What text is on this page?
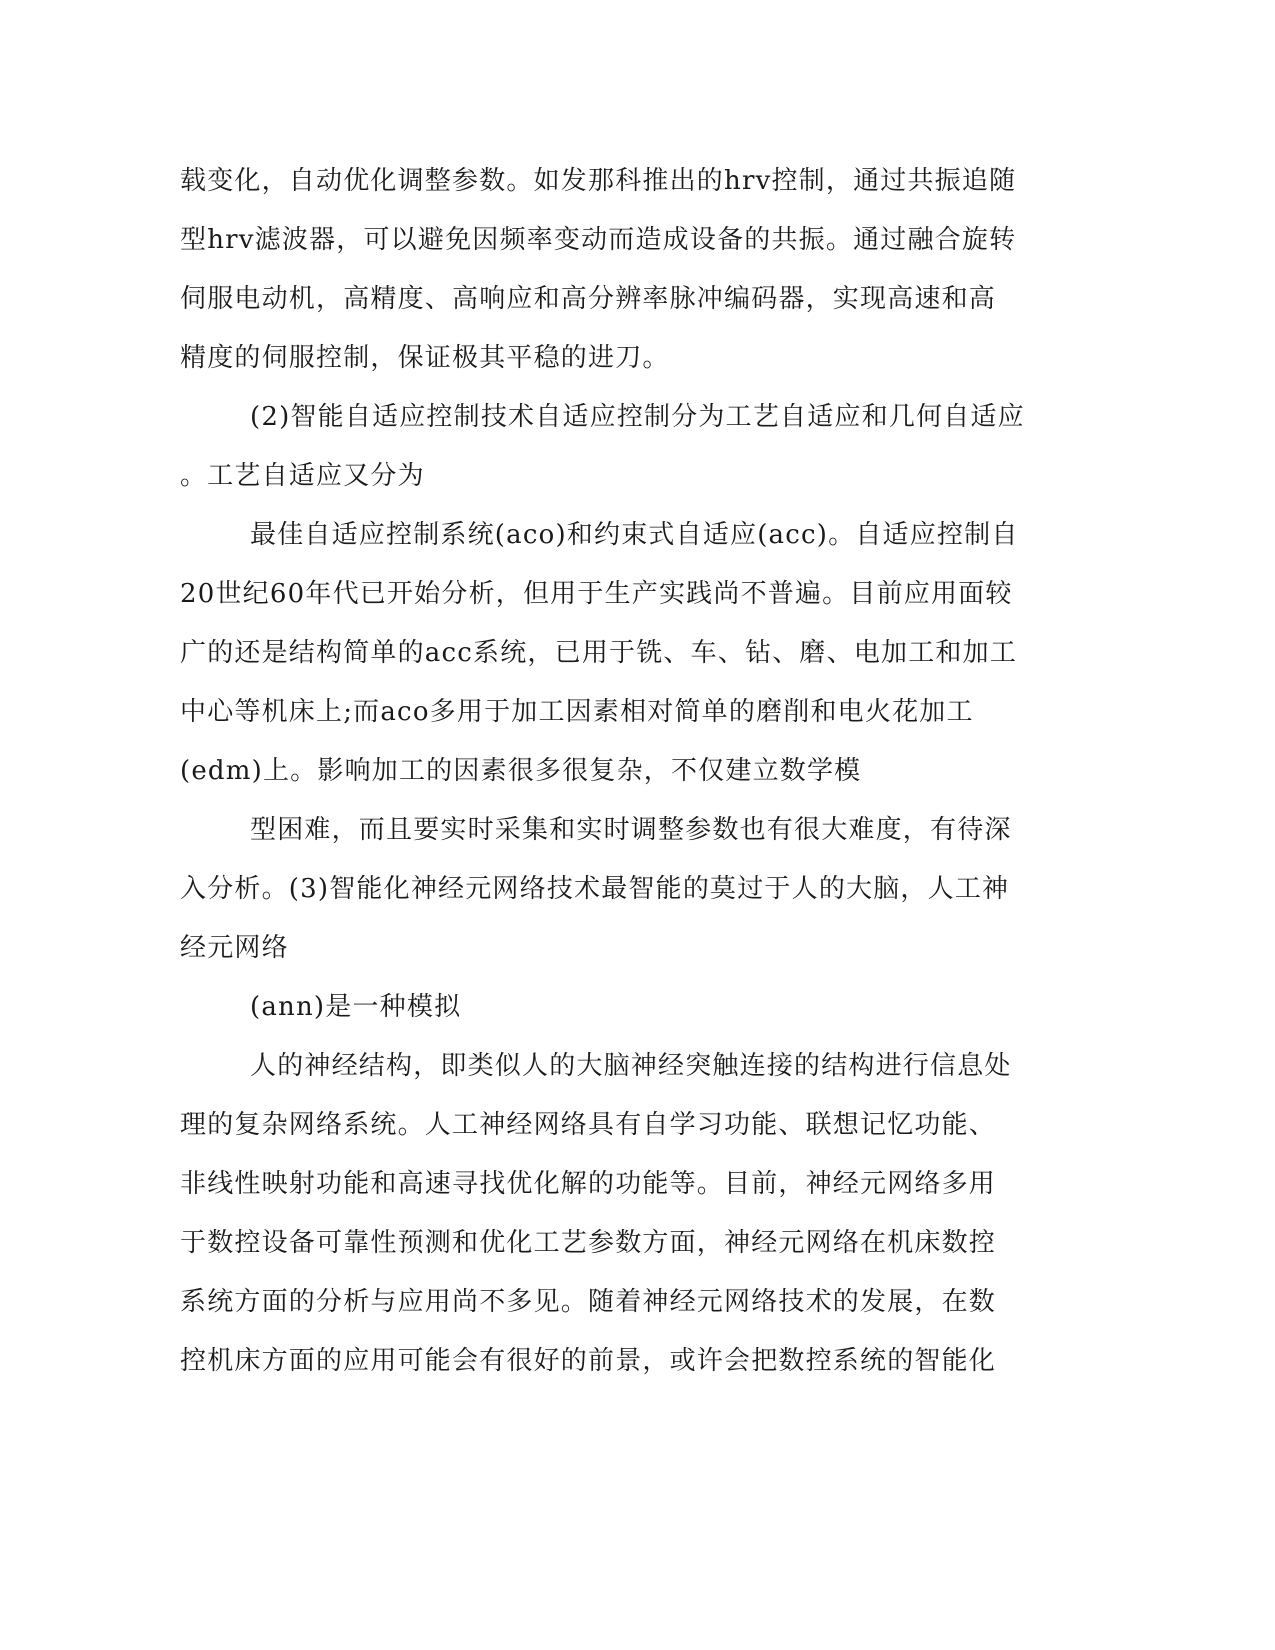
载变化，自动优化调整参数。如发那科推出的hrv控制，通过共振追随
型hrv滤波器，可以避免因频率变动而造成设备的共振。通过融合旋转
伺服电动机，高精度、高响应和高分辨率脉冲编码器，实现高速和高
精度的伺服控制，保证极其平稳的进刀。
(2)智能自适应控制技术自适应控制分为工艺自适应和几何自适应
。工艺自适应又分为
最佳自适应控制系统(aco)和约束式自适应(acc)。自适应控制自
20世纪60年代已开始分析，但用于生产实践尚不普遍。目前应用面较
广的还是结构简单的acc系统，已用于铣、车、钻、磨、电加工和加工
中心等机床上;而aco多用于加工因素相对简单的磨削和电火花加工
(edm)上。影响加工的因素很多很复杂，不仅建立数学模
型困难，而且要实时采集和实时调整参数也有很大难度，有待深
入分析。(3)智能化神经元网络技术最智能的莫过于人的大脑，人工神
经元网络
(ann)是一种模拟
人的神经结构，即类似人的大脑神经突触连接的结构进行信息处
理的复杂网络系统。人工神经网络具有自学习功能、联想记忆功能、
非线性映射功能和高速寻找优化解的功能等。目前，神经元网络多用
于数控设备可靠性预测和优化工艺参数方面，神经元网络在机床数控
系统方面的分析与应用尚不多见。随着神经元网络技术的发展，在数
控机床方面的应用可能会有很好的前景，或许会把数控系统的智能化
